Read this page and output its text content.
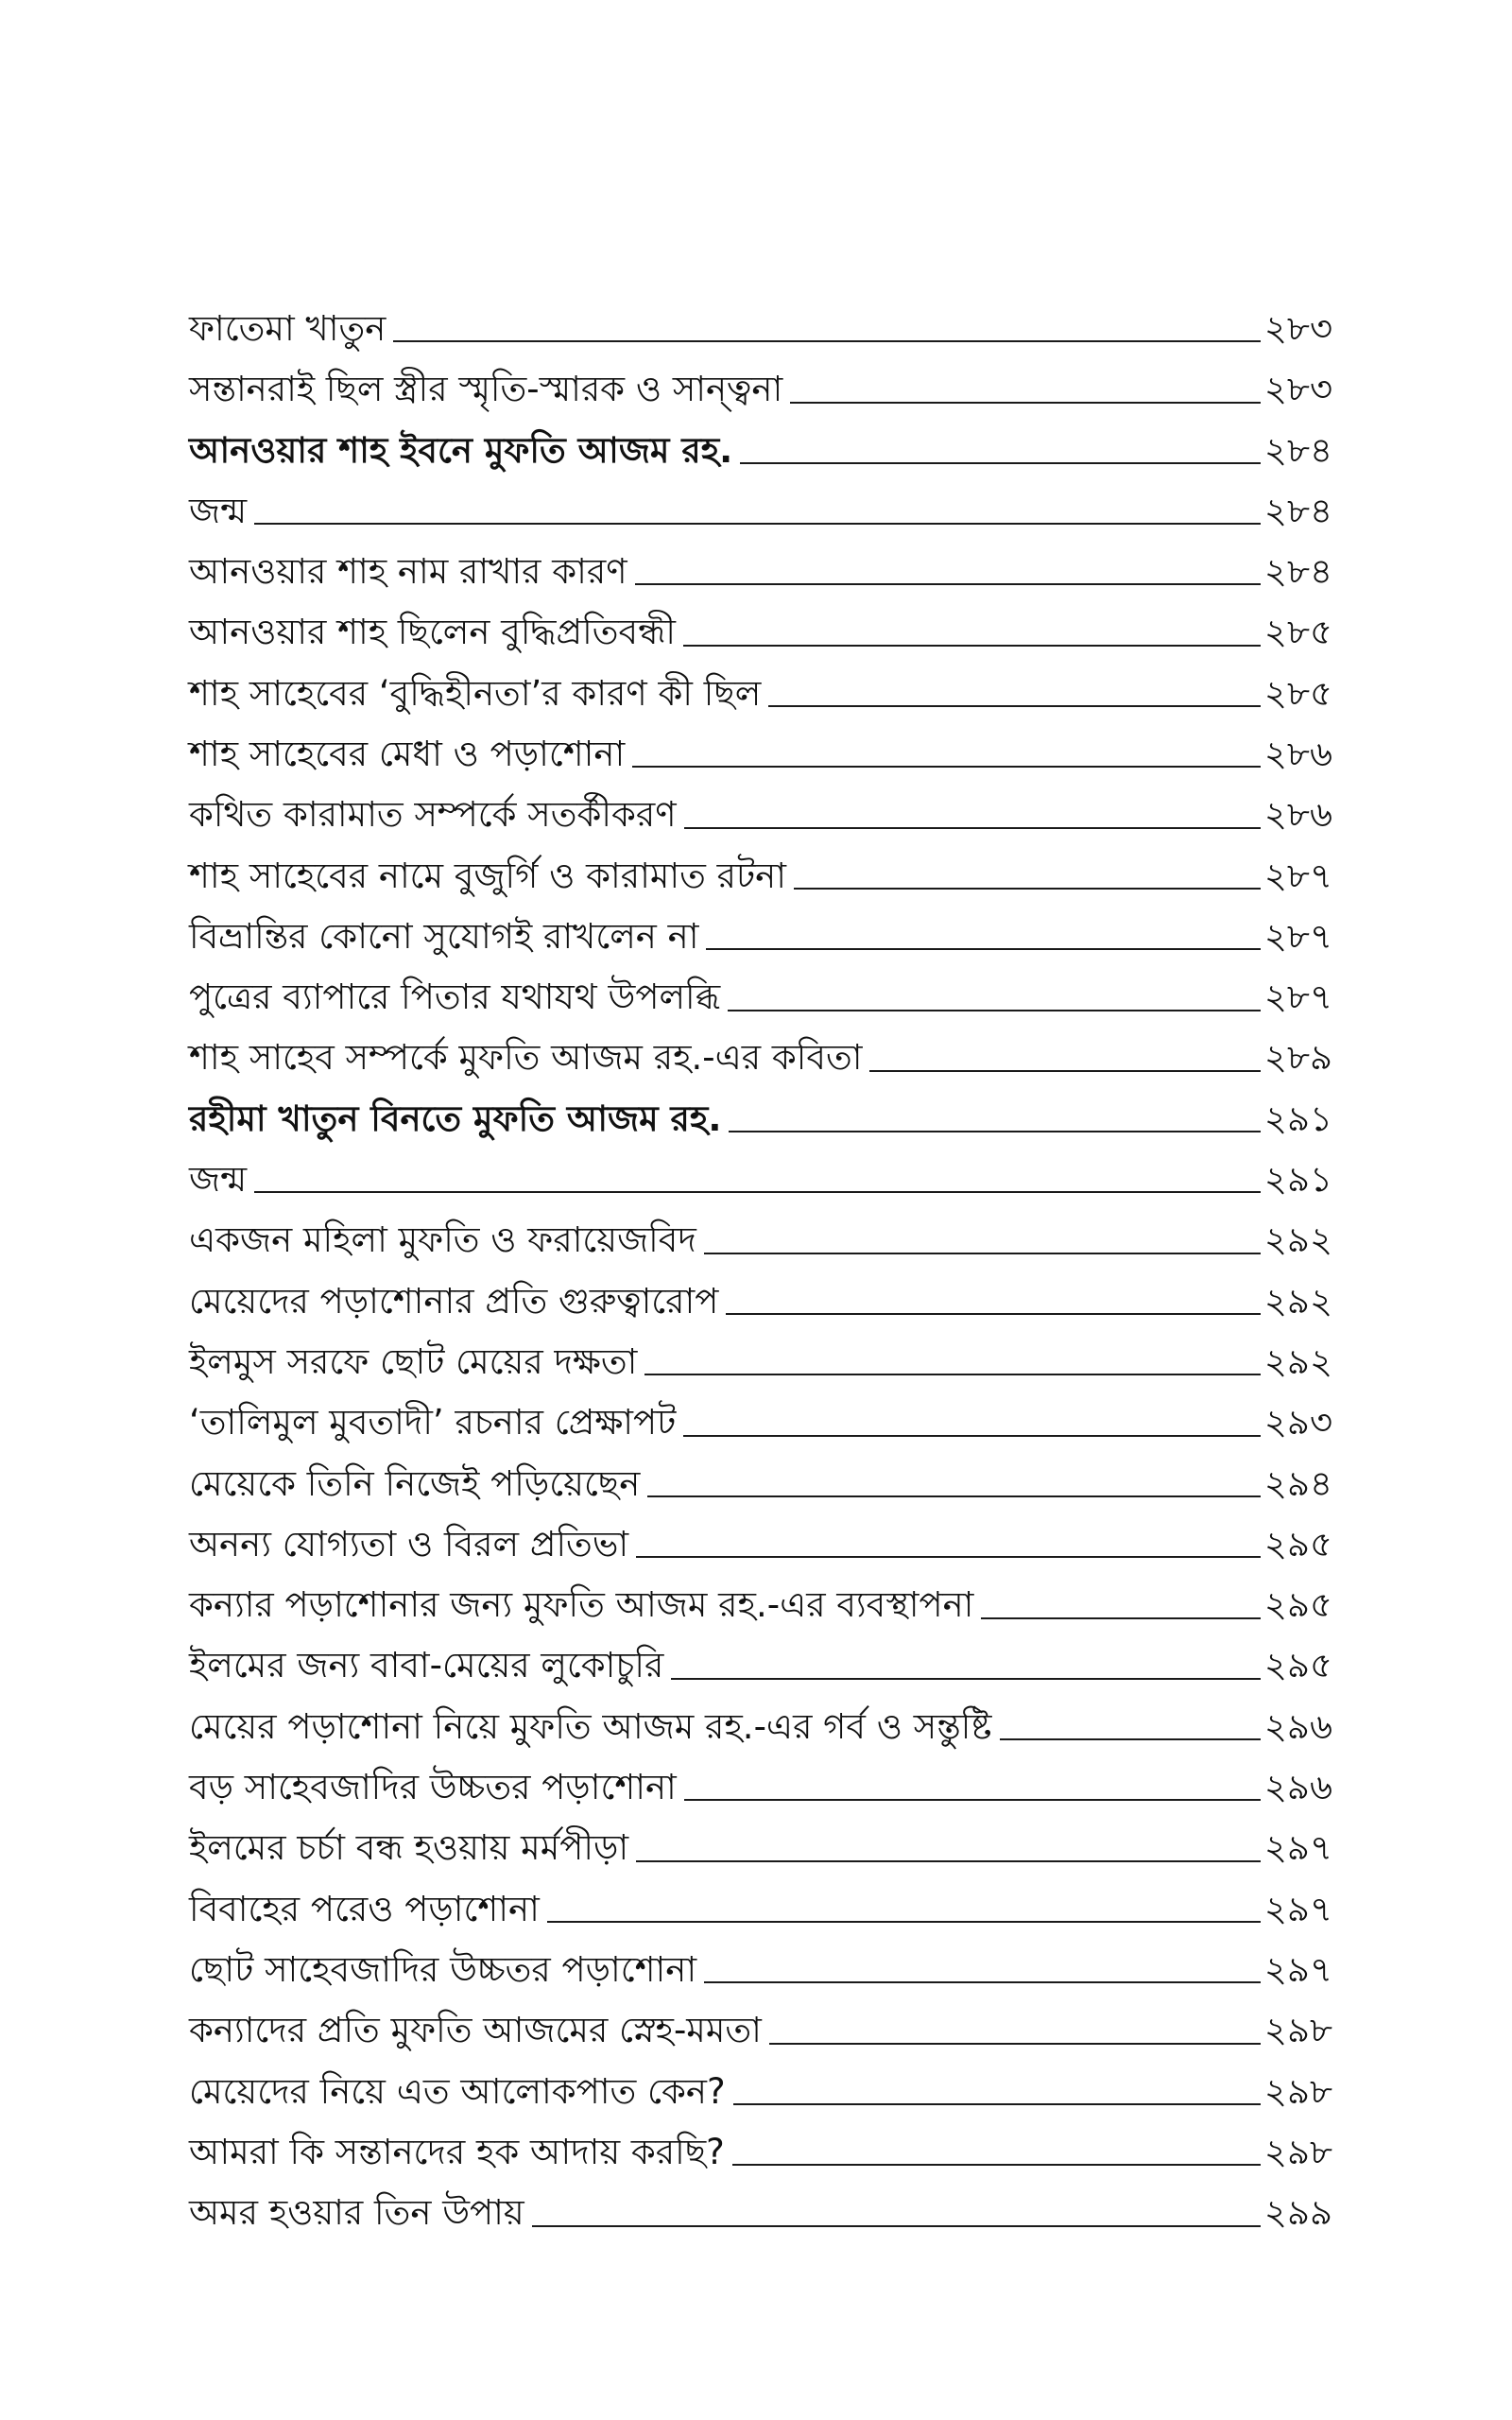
ফাতেমা খাতুন	২৮৩
সন্তানরাই ছিল স্ত্রীর স্মৃতি-স্মারক ও সান্ত্বনা	২৮৩
আনওয়ার শাহ ইবনে মুফতি আজম রহ.	২৮৪
জন্ম	২৮৪
আনওয়ার শাহ নাম রাখার কারণ	২৮৪
আনওয়ার শাহ ছিলেন বুদ্ধিপ্রতিবন্ধী	২৮৫
শাহ সাহেবের ‘বুদ্ধিহীনতা’র কারণ কী ছিল	২৮৫
শাহ সাহেবের মেধা ও পড়াশোনা	২৮৬
কথিত কারামাত সম্পর্কে সতর্কীকরণ	২৮৬
শাহ সাহেবের নামে বুজুর্গি ও কারামাত রটনা	২৮৭
বিভ্রান্তির কোনো সুযোগই রাখলেন না	২৮৭
পুত্রের ব্যাপারে পিতার যথাযথ উপলব্ধি	২৮৭
শাহ সাহেব সম্পর্কে মুফতি আজম রহ.-এর কবিতা	২৮৯
রহীমা খাতুন বিনতে মুফতি আজম রহ.	২৯১
জন্ম	২৯১
একজন মহিলা মুফতি ও ফরায়েজবিদ	২৯২
মেয়েদের পড়াশোনার প্রতি গুরুত্বারোপ	২৯২
ইলমুস সরফে ছোট মেয়ের দক্ষতা	২৯২
‘তালিমুল মুবতাদী’ রচনার প্রেক্ষাপট	২৯৩
মেয়েকে তিনি নিজেই পড়িয়েছেন	২৯৪
অনন্য যোগ্যতা ও বিরল প্রতিভা	২৯৫
কন্যার পড়াশোনার জন্য মুফতি আজম রহ.-এর ব্যবস্থাপনা	২৯৫
ইলমের জন্য বাবা-মেয়ের লুকোচুরি	২৯৫
মেয়ের পড়াশোনা নিয়ে মুফতি আজম রহ.-এর গর্ব ও সন্তুষ্টি	২৯৬
বড় সাহেবজাদির উচ্চতর পড়াশোনা	২৯৬
ইলমের চর্চা বন্ধ হওয়ায় মর্মপীড়া	২৯৭
বিবাহের পরেও পড়াশোনা	২৯৭
ছোট সাহেবজাদির উচ্চতর পড়াশোনা	২৯৭
কন্যাদের প্রতি মুফতি আজমের স্নেহ-মমতা	২৯৮
মেয়েদের নিয়ে এত আলোকপাত কেন?	২৯৮
আমরা কি সন্তানদের হক আদায় করছি?	২৯৮
অমর হওয়ার তিন উপায়	২৯৯
